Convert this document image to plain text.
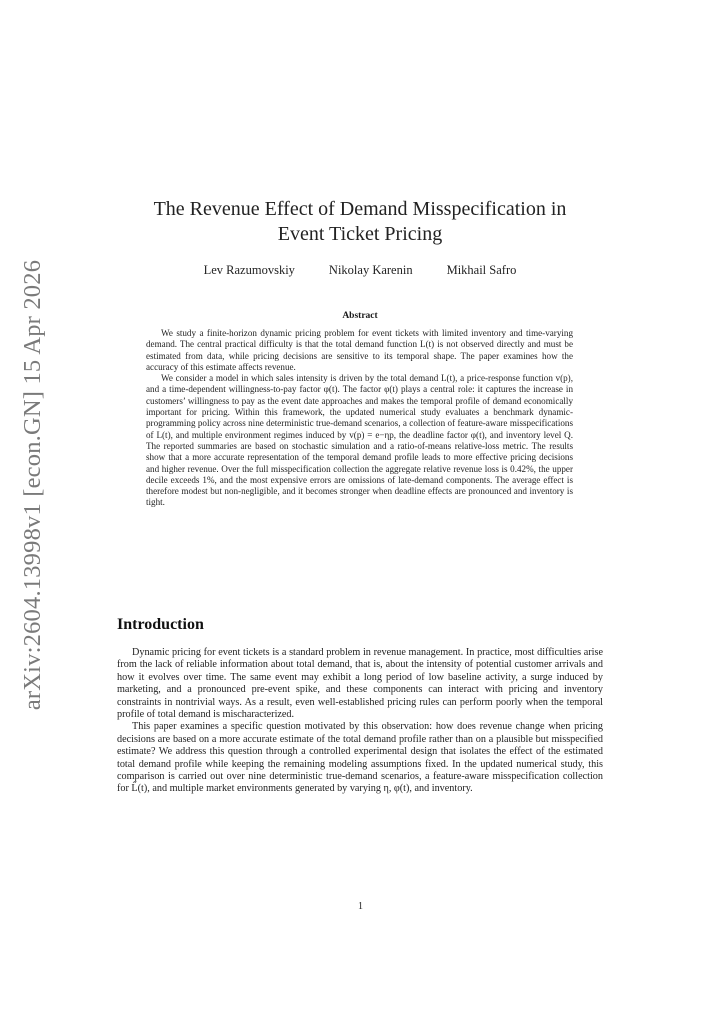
arXiv:2604.13998v1 [econ.GN] 15 Apr 2026
The Revenue Effect of Demand Misspecification in
Event Ticket Pricing
Lev Razumovskiy	Nikolay Karenin	Mikhail Safro
Abstract

We study a finite-horizon dynamic pricing problem for event tickets with limited inventory and time-varying demand. The central practical difficulty is that the total demand function L(t) is not observed directly and must be estimated from data, while pricing decisions are sensitive to its temporal shape. The paper examines how the accuracy of this estimate affects revenue.

We consider a model in which sales intensity is driven by the total demand L(t), a price-response function v(p), and a time-dependent willingness-to-pay factor φ(t). The factor φ(t) plays a central role: it captures the increase in customers’ willingness to pay as the event date approaches and makes the temporal profile of demand economically important for pricing. Within this framework, the updated numerical study evaluates a benchmark dynamic-programming policy across nine deterministic true-demand scenarios, a collection of feature-aware misspecifications of L(t), and multiple environment regimes induced by v(p) = e−ηp, the deadline factor φ(t), and inventory level Q. The reported summaries are based on stochastic simulation and a ratio-of-means relative-loss metric. The results show that a more accurate representation of the temporal demand profile leads to more effective pricing decisions and higher revenue. Over the full misspecification collection the aggregate relative revenue loss is 0.42%, the upper decile exceeds 1%, and the most expensive errors are omissions of late-demand components. The average effect is therefore modest but non-negligible, and it becomes stronger when deadline effects are pronounced and inventory is tight.

Introduction

Dynamic pricing for event tickets is a standard problem in revenue management. In practice, most difficulties arise from the lack of reliable information about total demand, that is, about the intensity of potential customer arrivals and how it evolves over time. The same event may exhibit a long period of low baseline activity, a surge induced by marketing, and a pronounced pre-event spike, and these components can interact with pricing and inventory constraints in nontrivial ways. As a result, even well-established pricing rules can perform poorly when the temporal profile of total demand is mischaracterized.

This paper examines a specific question motivated by this observation: how does revenue change when pricing decisions are based on a more accurate estimate of the total demand profile rather than on a plausible but misspecified estimate? We address this question through a controlled experimental design that isolates the effect of the estimated total demand profile while keeping the remaining modeling assumptions fixed. In the updated numerical study, this comparison is carried out over nine deterministic true-demand scenarios, a feature-aware misspecification collection for L̂(t), and multiple market environments generated by varying η, φ(t), and inventory.

1
